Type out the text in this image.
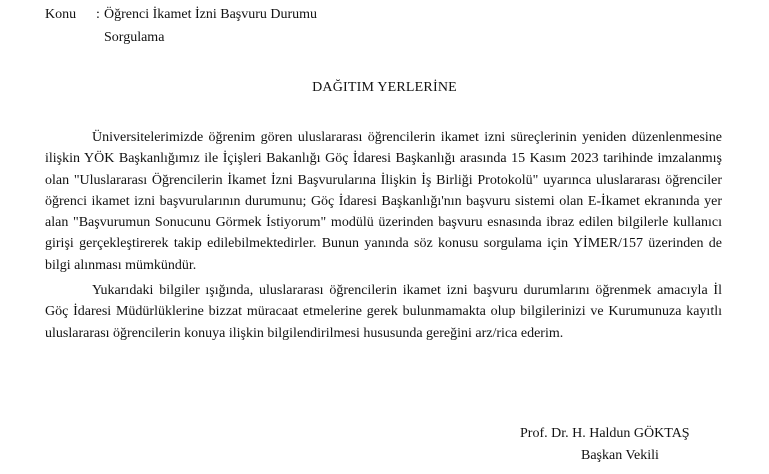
Konu	: Öğrenci İkamet İzni Başvuru Durumu
Sorgulama
DAĞITIM YERLERİNE

Üniversitelerimizde öğrenim gören uluslararası öğrencilerin ikamet izni süreçlerinin yeniden düzenlenmesine ilişkin YÖK Başkanlığımız ile İçişleri Bakanlığı Göç İdaresi Başkanlığı arasında 15 Kasım 2023 tarihinde imzalanmış olan "Uluslararası Öğrencilerin İkamet İzni Başvurularına İlişkin İş Birliği Protokolü" uyarınca uluslararası öğrenciler öğrenci ikamet izni başvurularının durumunu; Göç İdaresi Başkanlığı'nın başvuru sistemi olan E-İkamet ekranında yer alan "Başvurumun Sonucunu Görmek İstiyorum" modülü üzerinden başvuru esnasında ibraz edilen bilgilerle kullanıcı girişi gerçekleştirerek takip edilebilmektedirler. Bunun yanında söz konusu sorgulama için YİMER/157 üzerinden de bilgi alınması mümkündür.

Yukarıdaki bilgiler ışığında, uluslararası öğrencilerin ikamet izni başvuru durumlarını öğrenmek amacıyla İl Göç İdaresi Müdürlüklerine bizzat müracaat etmelerine gerek bulunmamakta olup bilgilerinizi ve Kurumunuza kayıtlı uluslararası öğrencilerin konuya ilişkin bilgilendirilmesi hususunda gereğini arz/rica ederim.

Prof. Dr. H. Haldun GÖKTAŞ
Başkan Vekili
